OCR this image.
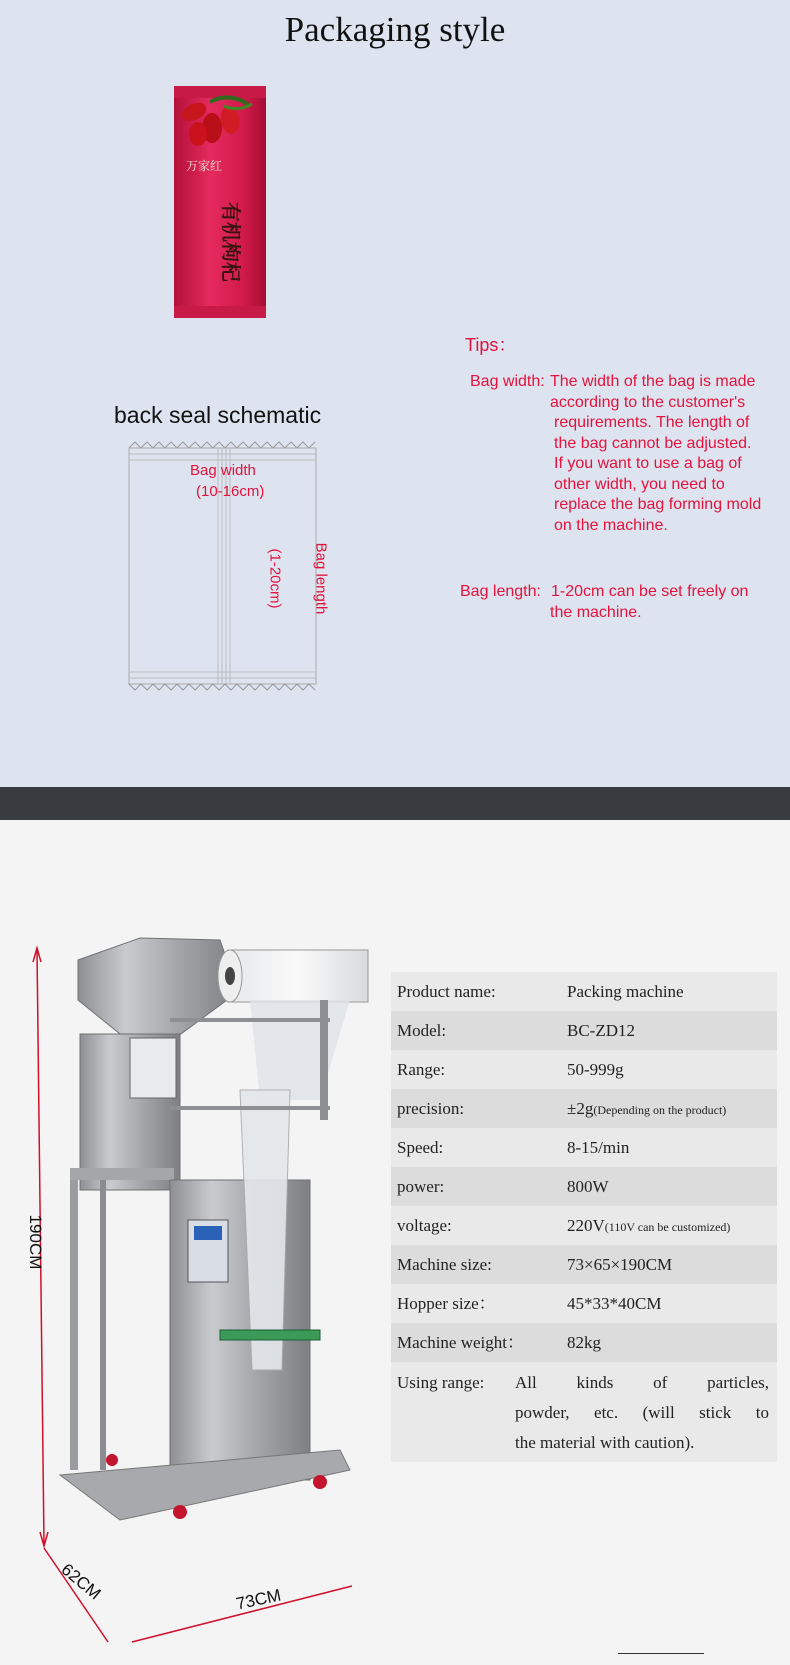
Packaging style
万家红
有机枸杞
back seal schematic
Bag width
(10-16cm)
Bag length
(1-20cm)
Tips：
Bag width: The width of the bag is made
according to the customer's
requirements. The length of
the bag cannot be adjusted.
If you want to use a bag of
other width, you need to
replace the bag forming mold
on the machine.
Bag length: 1-20cm can be set freely on
the machine.
190CM
62CM	73CM
Product name:	Packing machine
Model:	BC-ZD12
Range:	50-999g
precision:	±2g(Depending on the product)
Speed:	8-15/min
power:	800W
voltage:	220V(110V can be customized)
Machine size:	73×65×190CM
Hopper size：	45*33*40CM
Machine weight：	82kg
Using range: All kinds of particles,
powder, etc. (will stick to
the material with caution).
